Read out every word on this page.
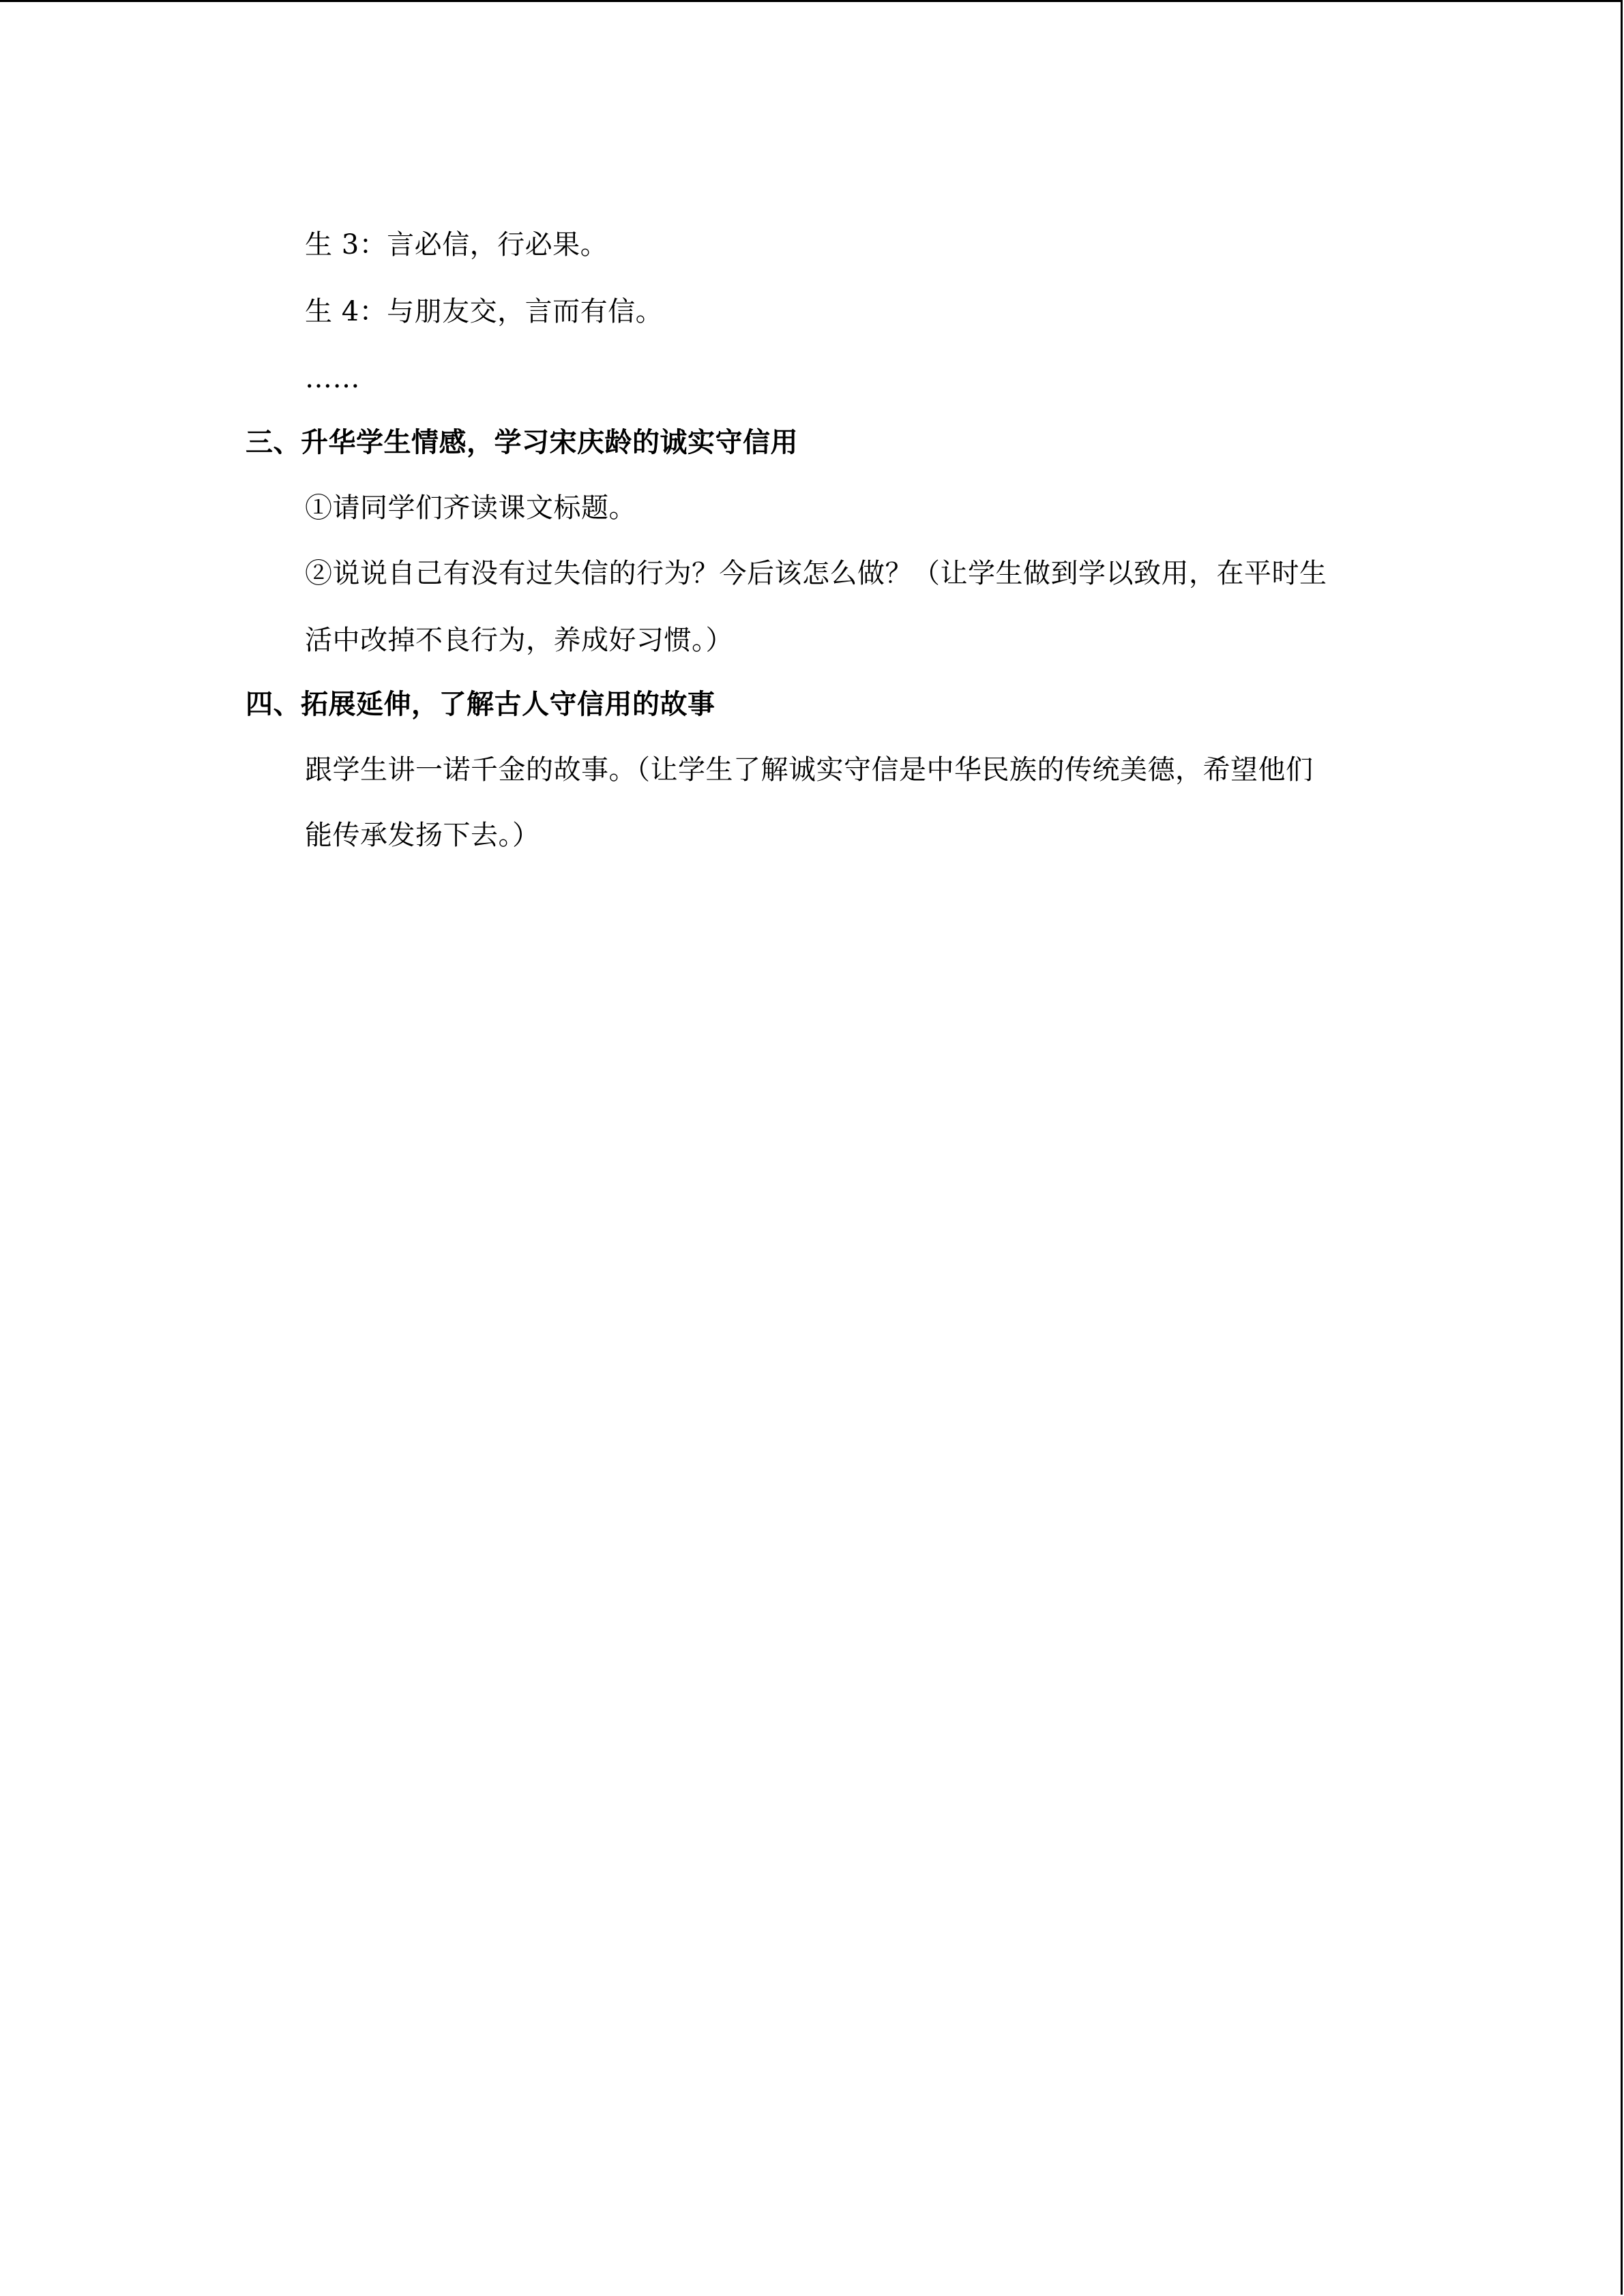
生 3：言必信，行必果。
生 4：与朋友交，言而有信。
……
三、升华学生情感，学习宋庆龄的诚实守信用
①请同学们齐读课文标题。
②说说自己有没有过失信的行为？今后该怎么做？（让学生做到学以致用，在平时生
活中改掉不良行为，养成好习惯。）
四、拓展延伸，了解古人守信用的故事
跟学生讲一诺千金的故事。（让学生了解诚实守信是中华民族的传统美德，希望他们
能传承发扬下去。）
